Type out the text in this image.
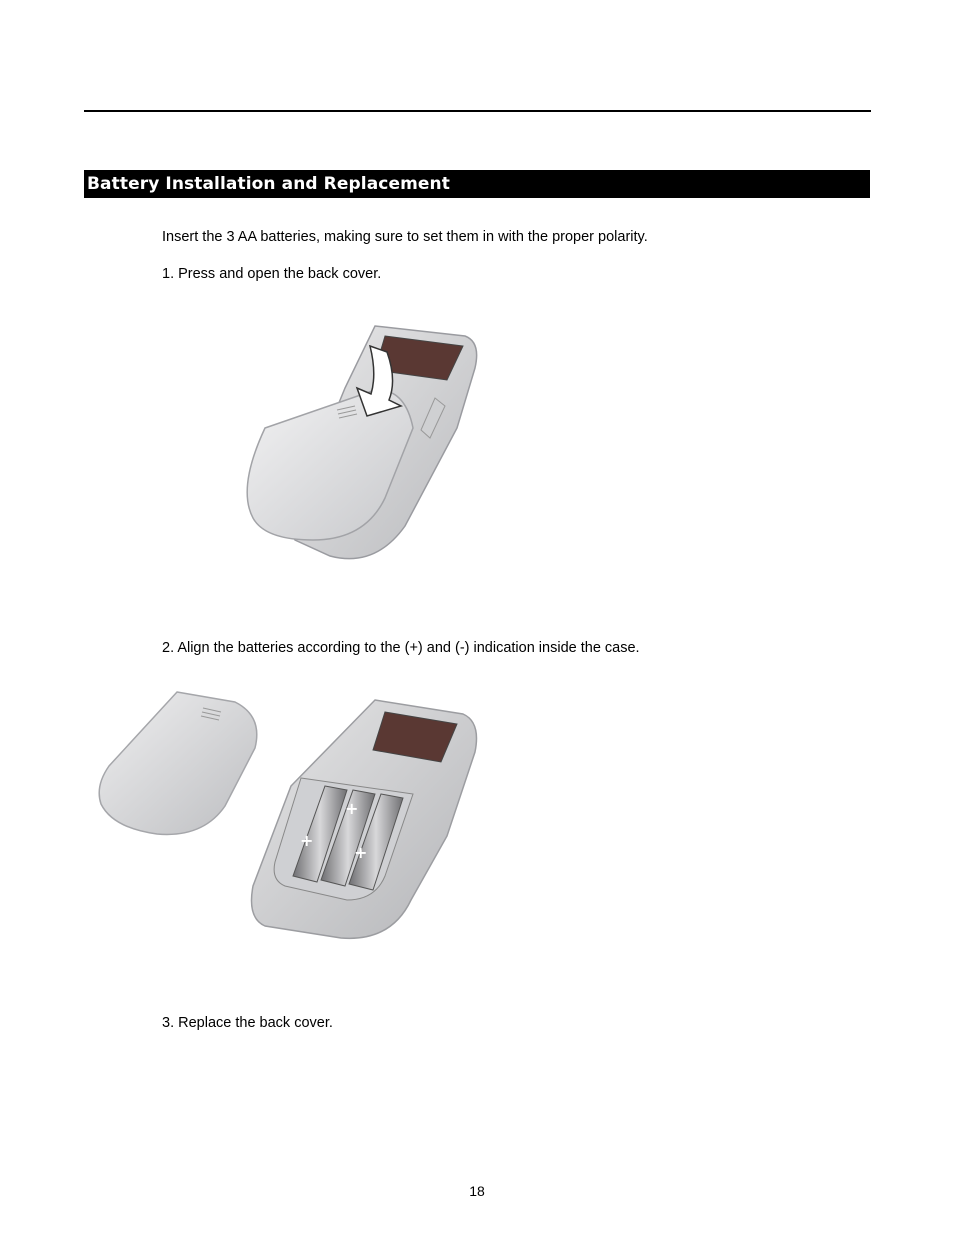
Battery Installation and Replacement
Insert the 3 AA batteries, making sure to set them in with the proper polarity.
1. Press and open the back cover.
2. Align the batteries according to the (+) and (-) indication inside the case.
+
+
+
3. Replace the back cover.
18
